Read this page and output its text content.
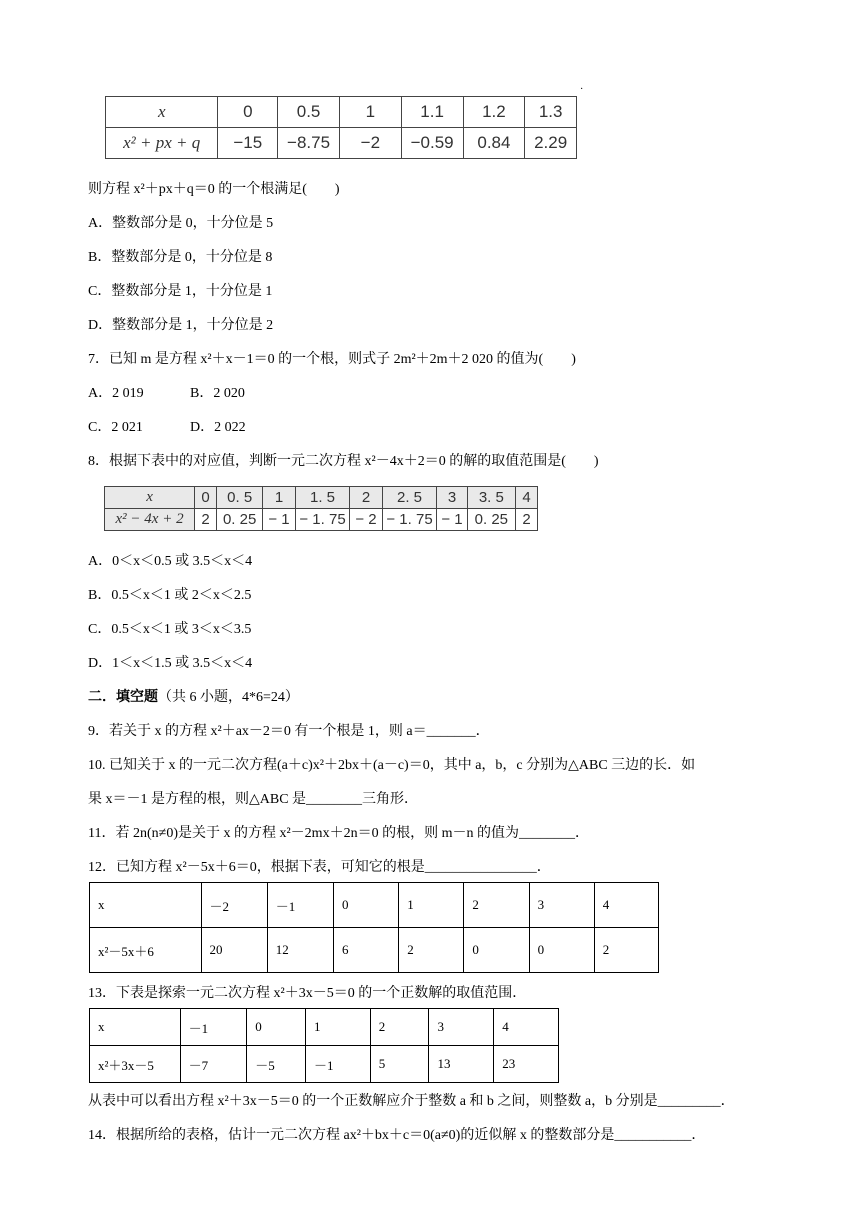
·
x	0	0.5	1	1.1	1.2	1.3
x² + px + q	−15	−8.75	−2	−0.59	0.84	2.29
则方程 x²＋px＋q＝0 的一个根满足(　　)
A．整数部分是 0，十分位是 5
B．整数部分是 0，十分位是 8
C．整数部分是 1，十分位是 1
D．整数部分是 1，十分位是 2
7．已知 m 是方程 x²＋x－1＝0 的一个根，则式子 2m²＋2m＋2 020 的值为(　　)
A．2 019	B．2 020
C．2 021	D．2 022
8．根据下表中的对应值，判断一元二次方程 x²－4x＋2＝0 的解的取值范围是(　　)
x	0	0. 5	1	1. 5	2	2. 5	3	3. 5	4
x² − 4x + 2	2	0. 25	− 1	− 1. 75	− 2	− 1. 75	− 1	0. 25	2
A．0＜x＜0.5 或 3.5＜x＜4
B．0.5＜x＜1 或 2＜x＜2.5
C．0.5＜x＜1 或 3＜x＜3.5
D．1＜x＜1.5 或 3.5＜x＜4
二．填空题（共 6 小题，4*6=24）
9．若关于 x 的方程 x²＋ax－2＝0 有一个根是 1，则 a＝_______．
10. 已知关于 x 的一元二次方程(a＋c)x²＋2bx＋(a－c)＝0，其中 a，b，c 分别为△ABC 三边的长．如
果 x＝－1 是方程的根，则△ABC 是________三角形．
11．若 2n(n≠0)是关于 x 的方程 x²－2mx＋2n＝0 的根，则 m－n 的值为________．
12．已知方程 x²－5x＋6＝0，根据下表，可知它的根是________________．
x	－2	－1	0	1	2	3	4
x²－5x＋6	20	12	6	2	0	0	2
13．下表是探索一元二次方程 x²＋3x－5＝0 的一个正数解的取值范围．
x	－1	0	1	2	3	4
x²＋3x－5	－7	－5	－1	5	13	23
从表中可以看出方程 x²＋3x－5＝0 的一个正数解应介于整数 a 和 b 之间，则整数 a，b 分别是_________．
14．根据所给的表格，估计一元二次方程 ax²＋bx＋c＝0(a≠0)的近似解 x 的整数部分是___________．
